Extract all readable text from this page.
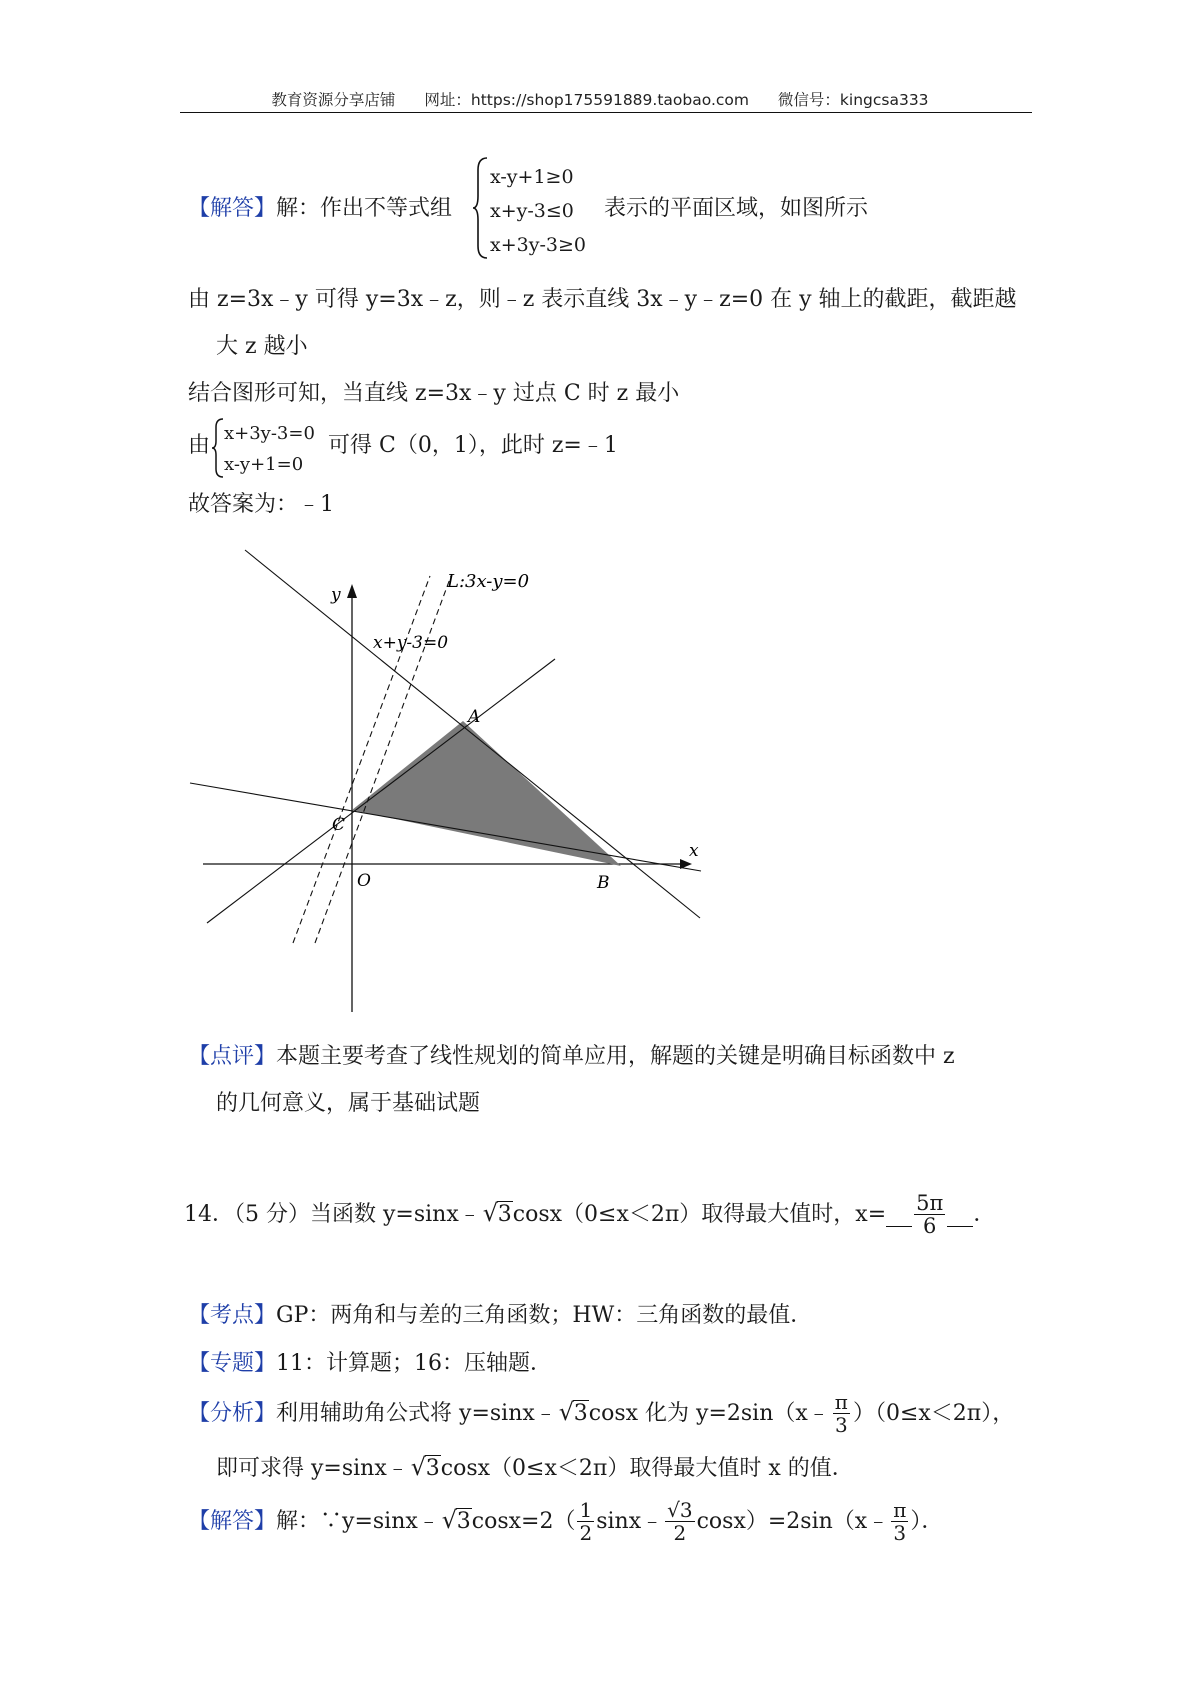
教育资源分享店铺 网址：https://shop175591889.taobao.com 微信号：kingcsa333
【解答】解：作出不等式组
x-y+1≥0
x+y-3≤0
x+3y-3≥0
表示的平面区域，如图所示
由 z=3x﹣y 可得 y=3x﹣z，则﹣z 表示直线 3x﹣y﹣z=0 在 y 轴上的截距，截距越
大 z 越小
结合图形可知，当直线 z=3x﹣y 过点 C 时 z 最小
由 x+3y-3=0
x-y+1=0
可得 C（0，1），此时 z=﹣1
故答案为：﹣1
L:3x-y=0
x+y-3=0
A
B
C
O
x
y
【点评】本题主要考查了线性规划的简单应用，解题的关键是明确目标函数中 z
的几何意义，属于基础试题
14．（5 分）当函数 y=sinx﹣ √ 3 cosx（0≤x＜2π）取得最大值时，x=
$\frac{5\pi}{6}$
．
【考点】GP：两角和与差的三角函数；HW：三角函数的最值．
【专题】11：计算题；16：压轴题．
【分析】 利用辅助角公式将 y=sinx﹣ √ 3 cosx 化为 y=2sin（x﹣ $\frac{\pi}{3} )(0\le x<2\pi)$，
即可求得 y=sinx﹣ √ 3 cosx（0≤x＜2π）取得最大值时 x 的值．
【解答】 解：∵y=sinx﹣ √ 3 $\cos x=2( \frac{1}{2}$ sinx﹣ $\frac{√3}{2}$ cosx）=2sin（x﹣ $\frac{\pi}{3}$ ）．
